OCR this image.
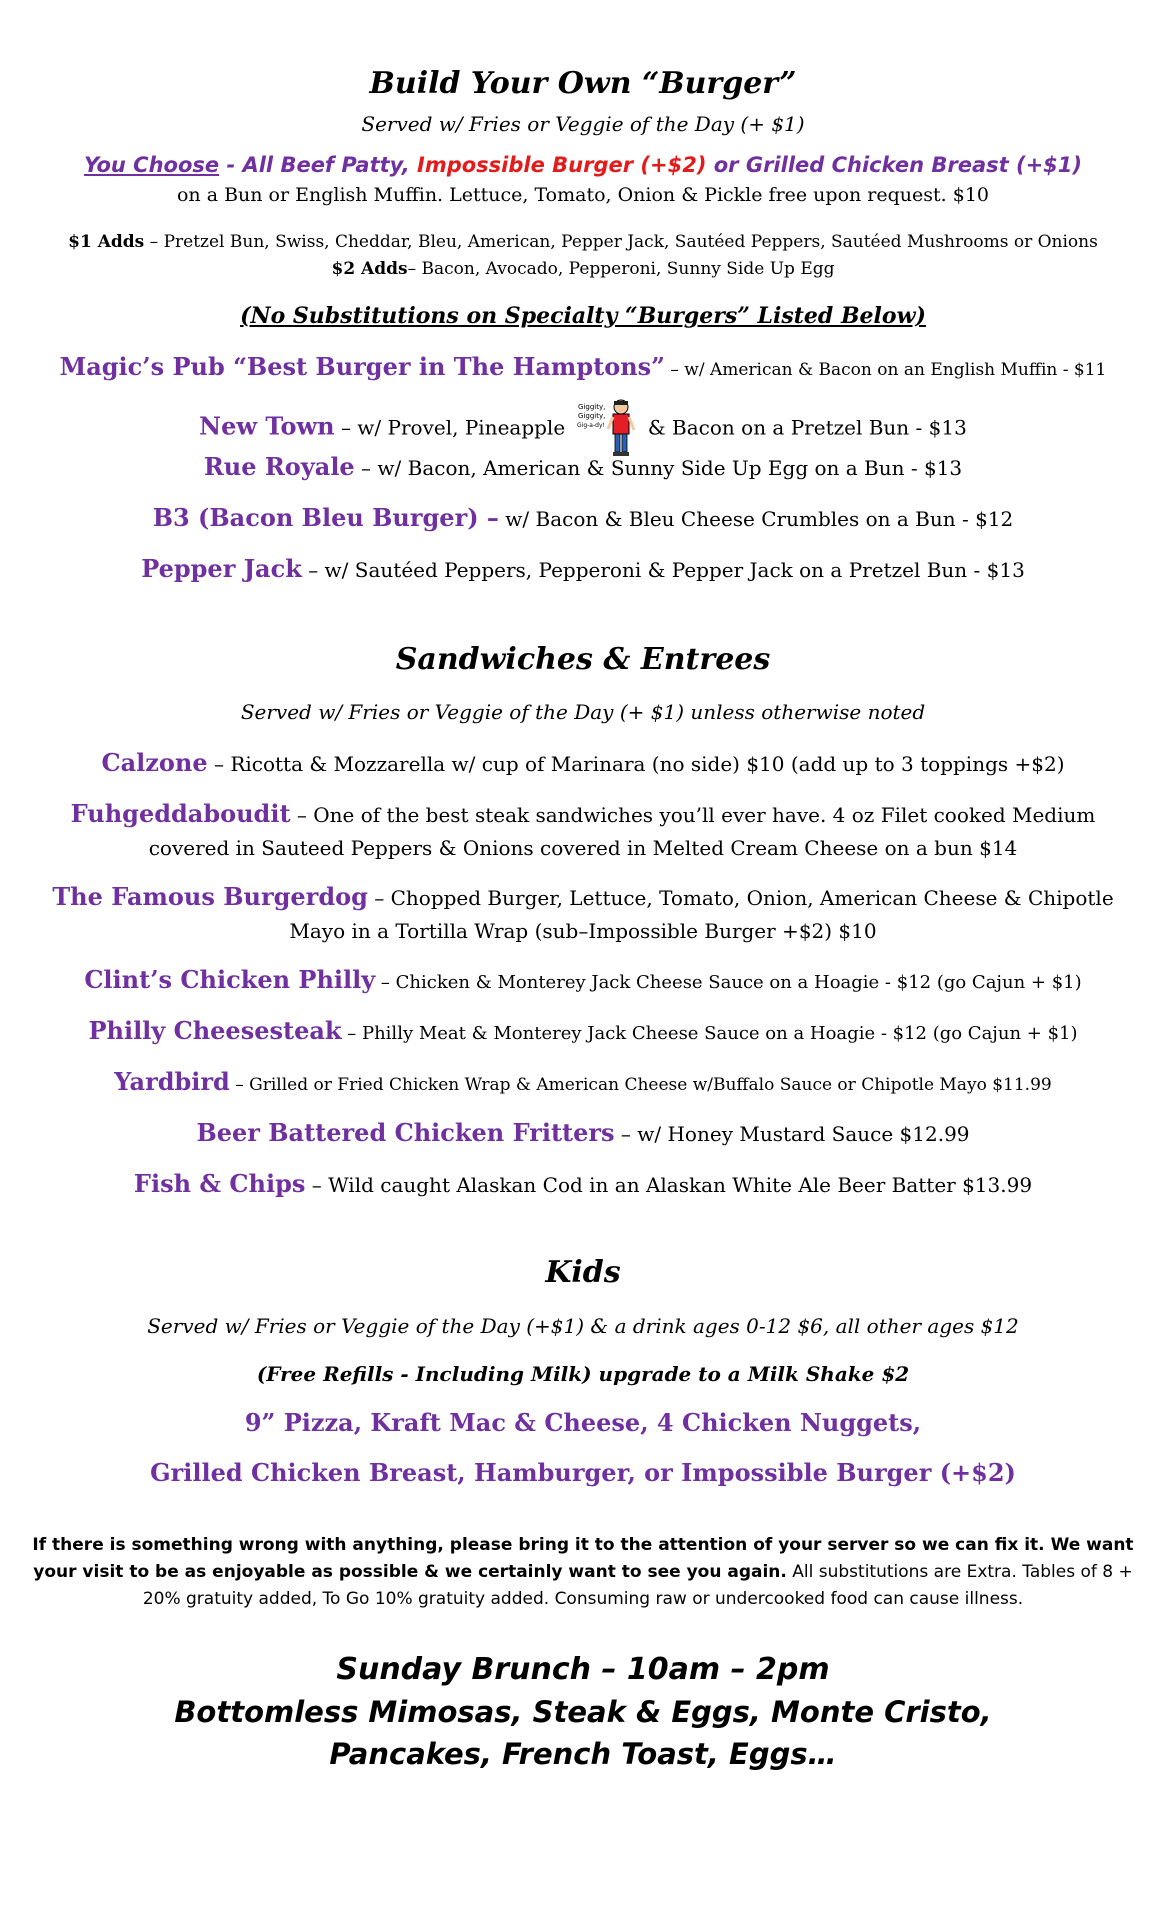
Build Your Own “Burger”
Served w/ Fries or Veggie of the Day (+ $1)
You Choose - All Beef Patty, Impossible Burger (+$2) or Grilled Chicken Breast (+$1)
on a Bun or English Muffin. Lettuce, Tomato, Onion & Pickle free upon request. $10
$1 Adds – Pretzel Bun, Swiss, Cheddar, Bleu, American, Pepper Jack, Sautéed Peppers, Sautéed Mushrooms or Onions
$2 Adds– Bacon, Avocado, Pepperoni, Sunny Side Up Egg
(No Substitutions on Specialty “Burgers” Listed Below)
Magic’s Pub “Best Burger in The Hamptons” – w/ American & Bacon on an English Muffin - $11
New Town – w/ Provel, Pineapple
Giggity,
Giggity,
Gig-a-dy! & Bacon on a Pretzel Bun - $13
Rue Royale – w/ Bacon, American & Sunny Side Up Egg on a Bun - $13
B3 (Bacon Bleu Burger) – w/ Bacon & Bleu Cheese Crumbles on a Bun - $12
Pepper Jack – w/ Sautéed Peppers, Pepperoni & Pepper Jack on a Pretzel Bun - $13
Sandwiches & Entrees
Served w/ Fries or Veggie of the Day (+ $1) unless otherwise noted
Calzone – Ricotta & Mozzarella w/ cup of Marinara (no side) $10 (add up to 3 toppings +$2)
Fuhgeddaboudit – One of the best steak sandwiches you’ll ever have. 4 oz Filet cooked Medium
covered in Sauteed Peppers & Onions covered in Melted Cream Cheese on a bun $14
The Famous Burgerdog – Chopped Burger, Lettuce, Tomato, Onion, American Cheese & Chipotle
Mayo in a Tortilla Wrap (sub–Impossible Burger +$2) $10
Clint’s Chicken Philly – Chicken & Monterey Jack Cheese Sauce on a Hoagie - $12 (go Cajun + $1)
Philly Cheesesteak – Philly Meat & Monterey Jack Cheese Sauce on a Hoagie - $12 (go Cajun + $1)
Yardbird – Grilled or Fried Chicken Wrap & American Cheese w/Buffalo Sauce or Chipotle Mayo $11.99
Beer Battered Chicken Fritters – w/ Honey Mustard Sauce $12.99
Fish & Chips – Wild caught Alaskan Cod in an Alaskan White Ale Beer Batter $13.99
Kids
Served w/ Fries or Veggie of the Day (+$1) & a drink ages 0-12 $6, all other ages $12
(Free Refills - Including Milk) upgrade to a Milk Shake $2
9” Pizza, Kraft Mac & Cheese, 4 Chicken Nuggets,
Grilled Chicken Breast, Hamburger, or Impossible Burger (+$2)
If there is something wrong with anything, please bring it to the attention of your server so we can fix it. We want your visit to be as enjoyable as possible & we certainly want to see you again. All substitutions are Extra. Tables of 8 + 20% gratuity added, To Go 10% gratuity added. Consuming raw or undercooked food can cause illness.
Sunday Brunch – 10am – 2pm
Bottomless Mimosas, Steak & Eggs, Monte Cristo,
Pancakes, French Toast, Eggs…
